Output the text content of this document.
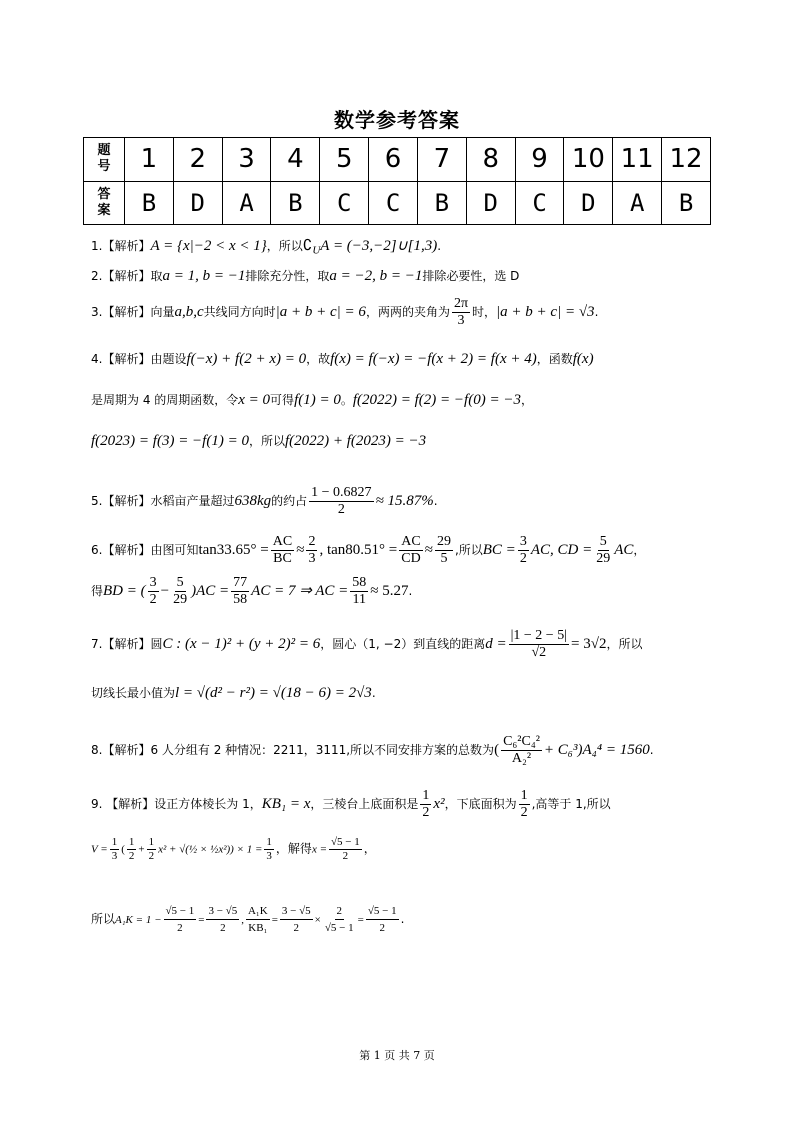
数学参考答案
题
号	1	2	3	4	5	6	7	8	9	10	11	12
答
案	B	D	A	B	C	C	B	D	C	D	A	B
1.【解析】A = {x|−2 < x < 1}，所以$∁_UA$ = (−3,−2]∪[1,3).
2.【解析】取a = 1, b = −1排除充分性，取a = −2, b = −1排除必要性，选 D
3.【解析】向量a,b,c共线同方向时|a + b + c| = 6，两两的夹角为 $\frac{2\pi}{3}$ 时，|a + b + c| = √3.
4.【解析】由题设f(−x) + f(2 + x) = 0，故f(x) = f(−x) = −f(x + 2) = f(x + 4)，函数f(x)
是周期为 4 的周期函数，令x = 0可得f(1) = 0。f(2022) = f(2) = −f(0) = −3，
f(2023) = f(3) = −f(1) = 0，所以f(2022) + f(2023) = −3
5.【解析】水稻亩产量超过638kg的约占 $\frac{1 - 0.6827}{2} \approx 15.87\%$.
6.【解析】由图可知$\tan 33.65^\circ = \frac{AC}{BC} \approx \frac{2}{3}$ , $\tan 80.51^\circ = \frac{AC}{CD} \approx \frac{29}{5}$ ,所以BC = $\frac{3}{2}$ AC, CD = $\frac{5}{29}$ AC，
得BD = ( $\frac{3}{2} - \frac{5}{29} )AC = \frac{77}{58}$ AC = 7 ⇒ AC = $\frac{58}{11} \approx 5.27$.
7.【解析】圆C : (x − 1)² + (y + 2)² = 6，圆心（1, −2）到直线的距离$d = \frac{|1 - 2 - 5|}{√2} = 3√2$，所以
切线长最小值为l = √(d² − r²) = √(18 − 6) = 2√3.
8.【解析】6 人分组有 2 种情况：2211，3111,所以不同安排方案的总数为( $\frac{\text{C₆²C₄²}}{\text{A₂²}} + C_6^3)A_4^4 = 1560$.
9. 【解析】设正方体棱长为 1，KB₁ = x，三棱台上底面积是 $\frac{1}{2} x^2$，下底面积为 $\frac{1}{2}$ ,高等于 1,所以
$V = \frac{1}{3}$ ( $\frac{1}{2} + \frac{1}{2} x^2$ + √(½ × ½x²)) × $1 = \frac{1}{3}$ ，解得$x = \frac{√5 - 1}{2}$ ，
所以$A_1K = 1 - \frac{√5 - 1}{2} = \frac{3 - √5}{2}$ , $\frac{\text{A₁K}}{\text{KB₁}} = \frac{3 - √5}{2} \times \frac{2}{√5 - 1} = \frac{√5 - 1}{2}$ .
第 1 页 共 7 页
